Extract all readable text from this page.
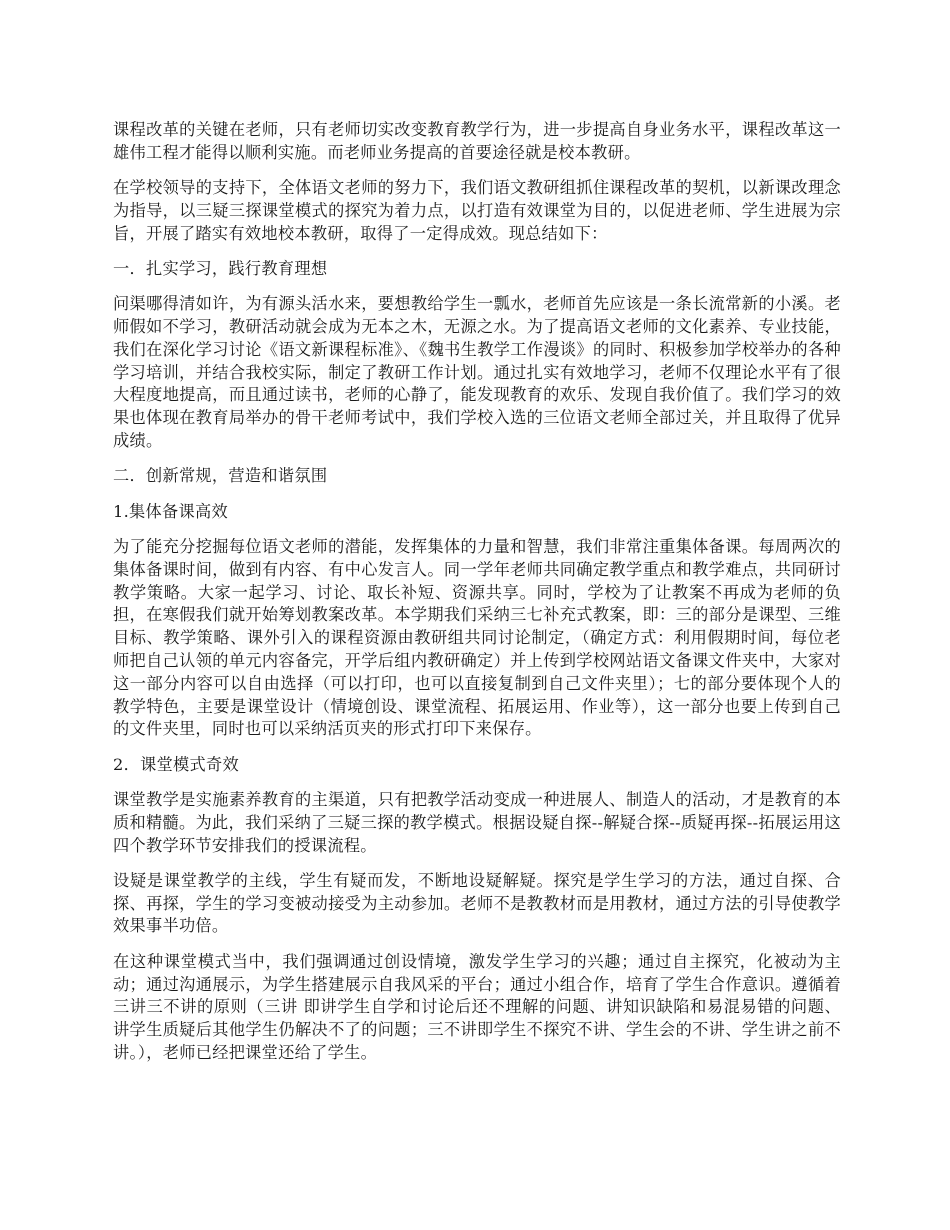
课程改革的关键在老师，只有老师切实改变教育教学行为，进一步提高自身业务水平，课程改革这一雄伟工程才能得以顺利实施。而老师业务提高的首要途径就是校本教研。

在学校领导的支持下，全体语文老师的努力下，我们语文教研组抓住课程改革的契机，以新课改理念为指导，以三疑三探课堂模式的探究为着力点，以打造有效课堂为目的，以促进老师、学生进展为宗旨，开展了踏实有效地校本教研，取得了一定得成效。现总结如下：

一．扎实学习，践行教育理想

问渠哪得清如许，为有源头活水来，要想教给学生一瓢水，老师首先应该是一条长流常新的小溪。老师假如不学习，教研活动就会成为无本之木，无源之水。为了提高语文老师的文化素养、专业技能，我们在深化学习讨论《语文新课程标准》、《魏书生教学工作漫谈》的同时、积极参加学校举办的各种学习培训，并结合我校实际，制定了教研工作计划。通过扎实有效地学习，老师不仅理论水平有了很大程度地提高，而且通过读书，老师的心静了，能发现教育的欢乐、发现自我价值了。我们学习的效果也体现在教育局举办的骨干老师考试中，我们学校入选的三位语文老师全部过关，并且取得了优异成绩。

二．创新常规，营造和谐氛围

1.集体备课高效

为了能充分挖掘每位语文老师的潜能，发挥集体的力量和智慧，我们非常注重集体备课。每周两次的集体备课时间，做到有内容、有中心发言人。同一学年老师共同确定教学重点和教学难点，共同研讨教学策略。大家一起学习、讨论、取长补短、资源共享。同时，学校为了让教案不再成为老师的负担，在寒假我们就开始筹划教案改革。本学期我们采纳三七补充式教案，即：三的部分是课型、三维目标、教学策略、课外引入的课程资源由教研组共同讨论制定，（确定方式：利用假期时间，每位老师把自己认领的单元内容备完，开学后组内教研确定）并上传到学校网站语文备课文件夹中，大家对这一部分内容可以自由选择（可以打印，也可以直接复制到自己文件夹里）；七的部分要体现个人的教学特色，主要是课堂设计（情境创设、课堂流程、拓展运用、作业等），这一部分也要上传到自己的文件夹里，同时也可以采纳活页夹的形式打印下来保存。

2．课堂模式奇效

课堂教学是实施素养教育的主渠道，只有把教学活动变成一种进展人、制造人的活动，才是教育的本质和精髓。为此，我们采纳了三疑三探的教学模式。根据设疑自探--解疑合探--质疑再探--拓展运用这四个教学环节安排我们的授课流程。

设疑是课堂教学的主线，学生有疑而发，不断地设疑解疑。探究是学生学习的方法，通过自探、合探、再探，学生的学习变被动接受为主动参加。老师不是教教材而是用教材，通过方法的引导使教学效果事半功倍。

在这种课堂模式当中，我们强调通过创设情境，激发学生学习的兴趣；通过自主探究，化被动为主动；通过沟通展示，为学生搭建展示自我风采的平台；通过小组合作，培育了学生合作意识。遵循着三讲三不讲的原则（三讲 即讲学生自学和讨论后还不理解的问题、讲知识缺陷和易混易错的问题、讲学生质疑后其他学生仍解决不了的问题；三不讲即学生不探究不讲、学生会的不讲、学生讲之前不讲。），老师已经把课堂还给了学生。
